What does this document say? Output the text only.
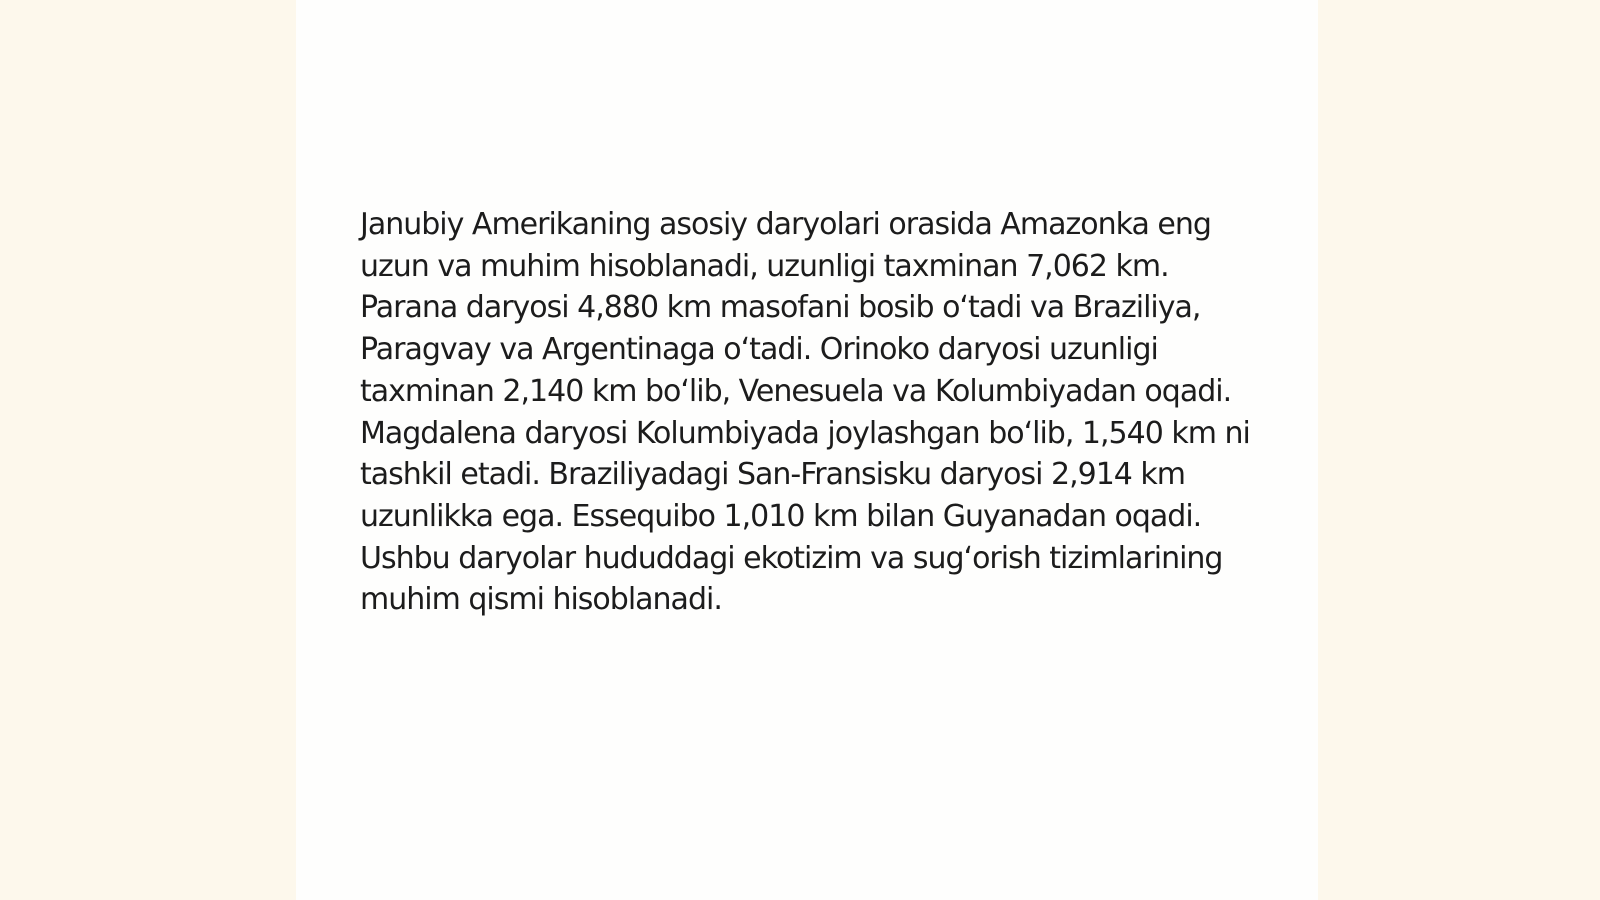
Janubiy Amerikaning asosiy daryolari orasida Amazonka eng uzun va muhim hisoblanadi, uzunligi taxminan 7,062 km. Parana daryosi 4,880 km masofani bosib oʻtadi va Braziliya, Paragvay va Argentinaga oʻtadi. Orinoko daryosi uzunligi taxminan 2,140 km boʻlib, Venesuela va Kolumbiyadan oqadi. Magdalena daryosi Kolumbiyada joylashgan boʻlib, 1,540 km ni tashkil etadi. Braziliyadagi San-Fransisku daryosi 2,914 km uzunlikka ega. Essequibo 1,010 km bilan Guyanadan oqadi. Ushbu daryolar hududdagi ekotizim va sugʻorish tizimlarining muhim qismi hisoblanadi.
